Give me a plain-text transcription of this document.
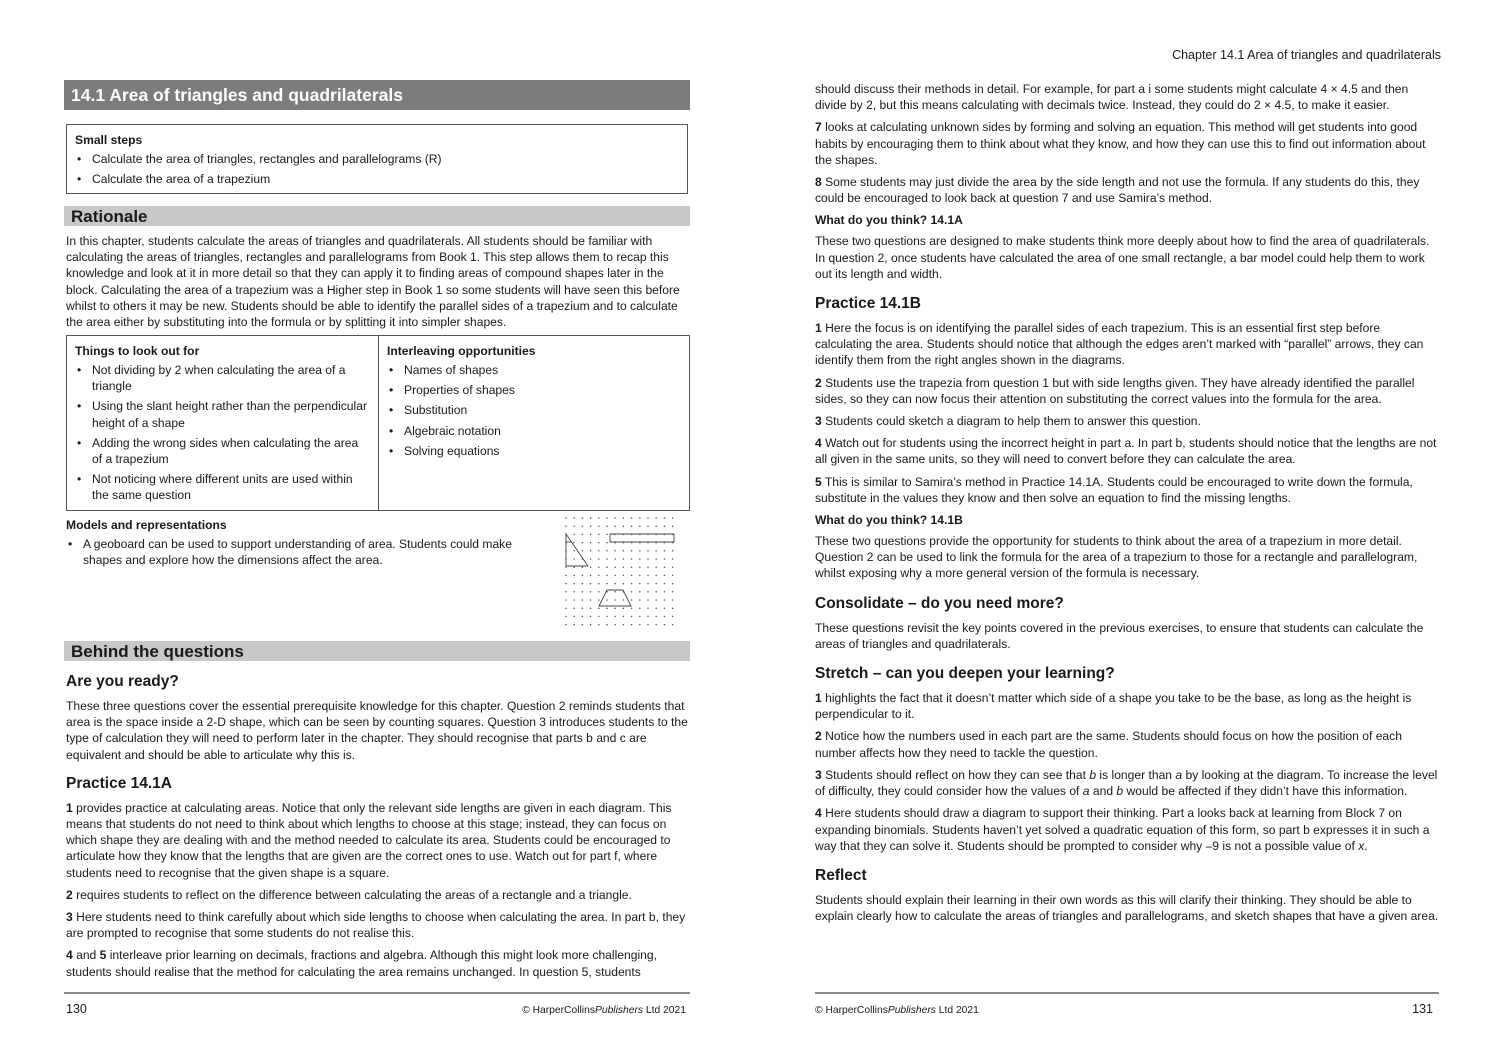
14.1 Area of triangles and quadrilaterals
Small steps
• Calculate the area of triangles, rectangles and parallelograms (R)
• Calculate the area of a trapezium
Rationale

In this chapter, students calculate the areas of triangles and quadrilaterals. All students should be familiar with calculating the areas of triangles, rectangles and parallelograms from Book 1. This step allows them to recap this knowledge and look at it in more detail so that they can apply it to finding areas of compound shapes later in the block. Calculating the area of a trapezium was a Higher step in Book 1 so some students will have seen this before whilst to others it may be new. Students should be able to identify the parallel sides of a trapezium and to calculate the area either by substituting into the formula or by splitting it into simpler shapes.

Things to look out for
• Not dividing by 2 when calculating the area of a triangle
• Using the slant height rather than the perpendicular height of a shape
• Adding the wrong sides when calculating the area of a trapezium
• Not noticing where different units are used within the same question
Interleaving opportunities
• Names of shapes
• Properties of shapes
• Substitution
• Algebraic notation
• Solving equations
Models and representations
• A geoboard can be used to support understanding of area. Students could make shapes and explore how the dimensions affect the area.
Behind the questions
Are you ready?

These three questions cover the essential prerequisite knowledge for this chapter. Question 2 reminds students that area is the space inside a 2-D shape, which can be seen by counting squares. Question 3 introduces students to the type of calculation they will need to perform later in the chapter. They should recognise that parts b and c are equivalent and should be able to articulate why this is.

Practice 14.1A

1 provides practice at calculating areas. Notice that only the relevant side lengths are given in each diagram. This means that students do not need to think about which lengths to choose at this stage; instead, they can focus on which shape they are dealing with and the method needed to calculate its area. Students could be encouraged to articulate how they know that the lengths that are given are the correct ones to use. Watch out for part f, where students need to recognise that the given shape is a square.

2 requires students to reflect on the difference between calculating the areas of a rectangle and a triangle.

3 Here students need to think carefully about which side lengths to choose when calculating the area. In part b, they are prompted to recognise that some students do not realise this.

4 and 5 interleave prior learning on decimals, fractions and algebra. Although this might look more challenging, students should realise that the method for calculating the area remains unchanged. In question 5, students

130	© HarperCollinsPublishers Ltd 2021
Chapter 14.1 Area of triangles and quadrilaterals

should discuss their methods in detail. For example, for part a i some students might calculate 4 × 4.5 and then divide by 2, but this means calculating with decimals twice. Instead, they could do 2 × 4.5, to make it easier.

7 looks at calculating unknown sides by forming and solving an equation. This method will get students into good habits by encouraging them to think about what they know, and how they can use this to find out information about the shapes.

8 Some students may just divide the area by the side length and not use the formula. If any students do this, they could be encouraged to look back at question 7 and use Samira’s method.

What do you think? 14.1A

These two questions are designed to make students think more deeply about how to find the area of quadrilaterals. In question 2, once students have calculated the area of one small rectangle, a bar model could help them to work out its length and width.

Practice 14.1B

1 Here the focus is on identifying the parallel sides of each trapezium. This is an essential first step before calculating the area. Students should notice that although the edges aren’t marked with “parallel” arrows, they can identify them from the right angles shown in the diagrams.

2 Students use the trapezia from question 1 but with side lengths given. They have already identified the parallel sides, so they can now focus their attention on substituting the correct values into the formula for the area.

3 Students could sketch a diagram to help them to answer this question.

4 Watch out for students using the incorrect height in part a. In part b, students should notice that the lengths are not all given in the same units, so they will need to convert before they can calculate the area.

5 This is similar to Samira’s method in Practice 14.1A. Students could be encouraged to write down the formula, substitute in the values they know and then solve an equation to find the missing lengths.

What do you think? 14.1B

These two questions provide the opportunity for students to think about the area of a trapezium in more detail. Question 2 can be used to link the formula for the area of a trapezium to those for a rectangle and parallelogram, whilst exposing why a more general version of the formula is necessary.

Consolidate – do you need more?

These questions revisit the key points covered in the previous exercises, to ensure that students can calculate the areas of triangles and quadrilaterals.

Stretch – can you deepen your learning?

1 highlights the fact that it doesn’t matter which side of a shape you take to be the base, as long as the height is perpendicular to it.

2 Notice how the numbers used in each part are the same. Students should focus on how the position of each number affects how they need to tackle the question.

3 Students should reflect on how they can see that b is longer than a by looking at the diagram. To increase the level of difficulty, they could consider how the values of a and b would be affected if they didn’t have this information.

4 Here students should draw a diagram to support their thinking. Part a looks back at learning from Block 7 on expanding binomials. Students haven’t yet solved a quadratic equation of this form, so part b expresses it in such a way that they can solve it. Students should be prompted to consider why –9 is not a possible value of x.

Reflect

Students should explain their learning in their own words as this will clarify their thinking. They should be able to explain clearly how to calculate the areas of triangles and parallelograms, and sketch shapes that have a given area.

© HarperCollinsPublishers Ltd 2021	131
